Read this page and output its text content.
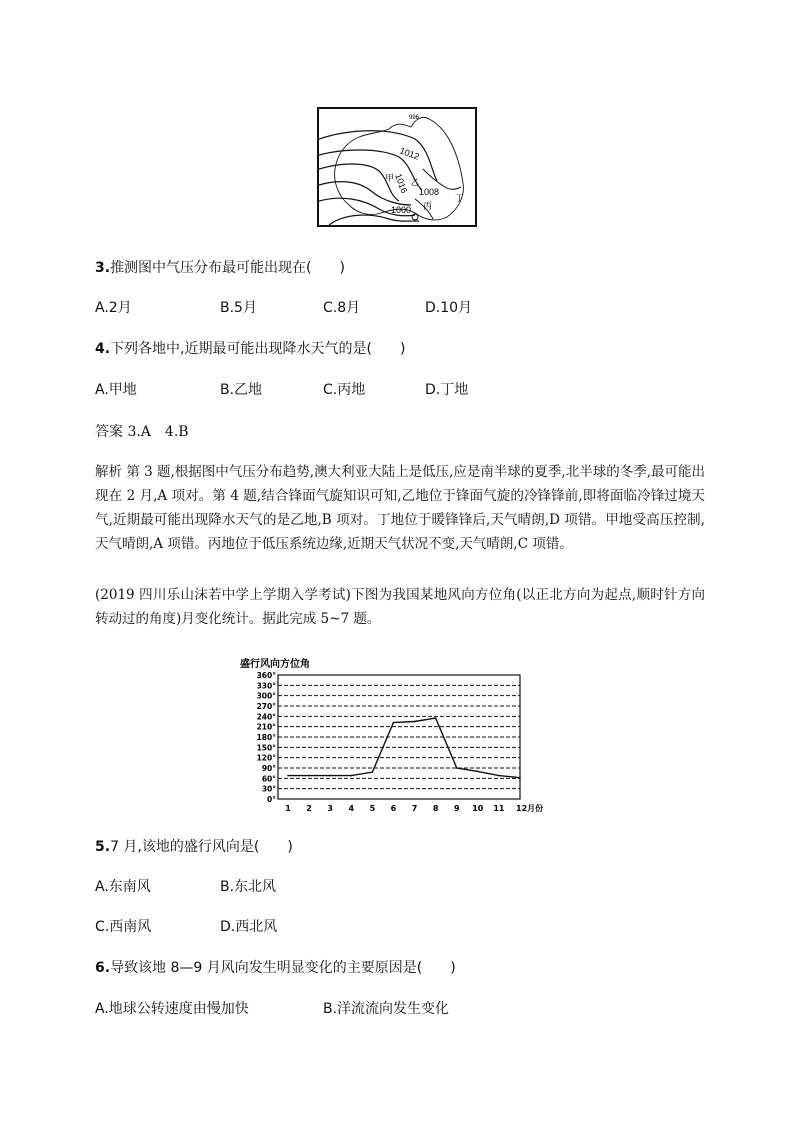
1012
1016 1008
1000
996
甲 乙
丙
丁
3.推测图中气压分布最可能出现在(　　)
A.2月	B.5月	C.8月	D.10月
4.下列各地中,近期最可能出现降水天气的是(　　)
A.甲地	B.乙地	C.丙地	D.丁地
答案 3.A　4.B
解析 第 3 题,根据图中气压分布趋势,澳大利亚大陆上是低压,应是南半球的夏季,北半球的冬季,最可能出现在 2 月,A 项对。第 4 题,结合锋面气旋知识可知,乙地位于锋面气旋的冷锋锋前,即将面临冷锋过境天气,近期最可能出现降水天气的是乙地,B 项对。丁地位于暖锋锋后,天气晴朗,D 项错。甲地受高压控制,天气晴朗,A 项错。丙地位于低压系统边缘,近期天气状况不变,天气晴朗,C 项错。
(2019 四川乐山沫若中学上学期入学考试)下图为我国某地风向方位角(以正北方向为起点,顺时针方向转动过的角度)月变化统计。据此完成 5~7 题。
盛行风向方位角
0°
30°
60°
90°
120°
150°
180°
210°
240°
270°
300°
330°
360°
1 2 3 4 5 6 7 8 9 10 11 12月份
5.7 月,该地的盛行风向是(　　)
A.东南风	B.东北风
C.西南风	D.西北风
6.导致该地 8—9 月风向发生明显变化的主要原因是(　　)
A.地球公转速度由慢加快	B.洋流流向发生变化
